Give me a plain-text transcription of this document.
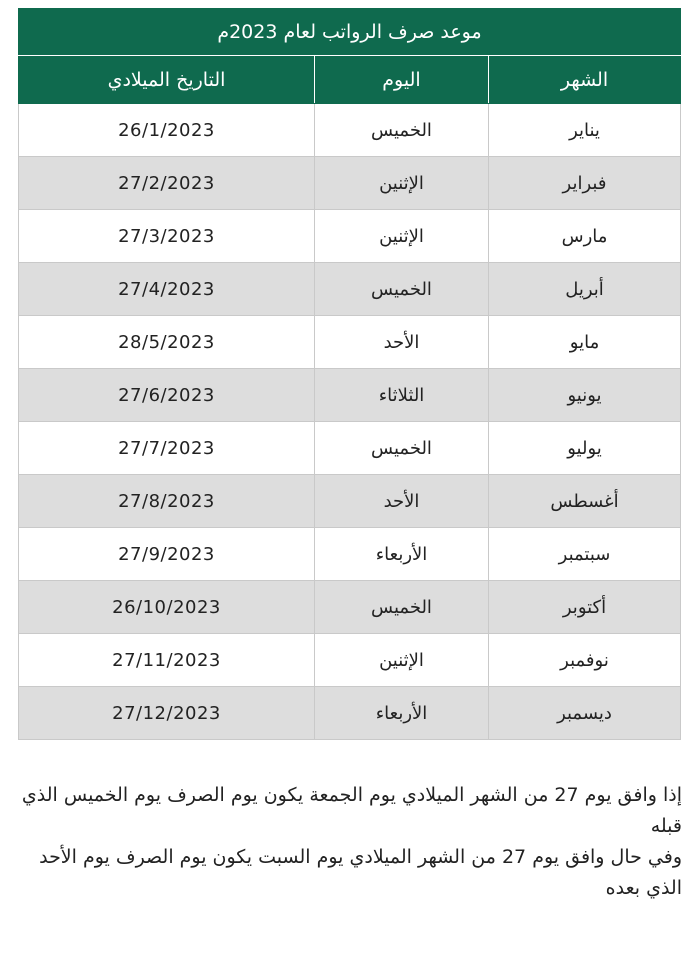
موعد صرف الرواتب لعام 2023م		
الشهر	اليوم	التاريخ الميلادي
يناير	الخميس	26/1/2023
فبراير	الإثنين	27/2/2023
مارس	الإثنين	27/3/2023
أبريل	الخميس	27/4/2023
مايو	الأحد	28/5/2023
يونيو	الثلاثاء	27/6/2023
يوليو	الخميس	27/7/2023
أغسطس	الأحد	27/8/2023
سبتمبر	الأربعاء	27/9/2023
أكتوبر	الخميس	26/10/2023
نوفمبر	الإثنين	27/11/2023
ديسمبر	الأربعاء	27/12/2023

إذا وافق يوم 27 من الشهر الميلادي يوم الجمعة يكون يوم الصرف يوم الخميس الذي قبله

وفي حال وافق يوم 27 من الشهر الميلادي يوم السبت يكون يوم الصرف يوم الأحد الذي بعده
